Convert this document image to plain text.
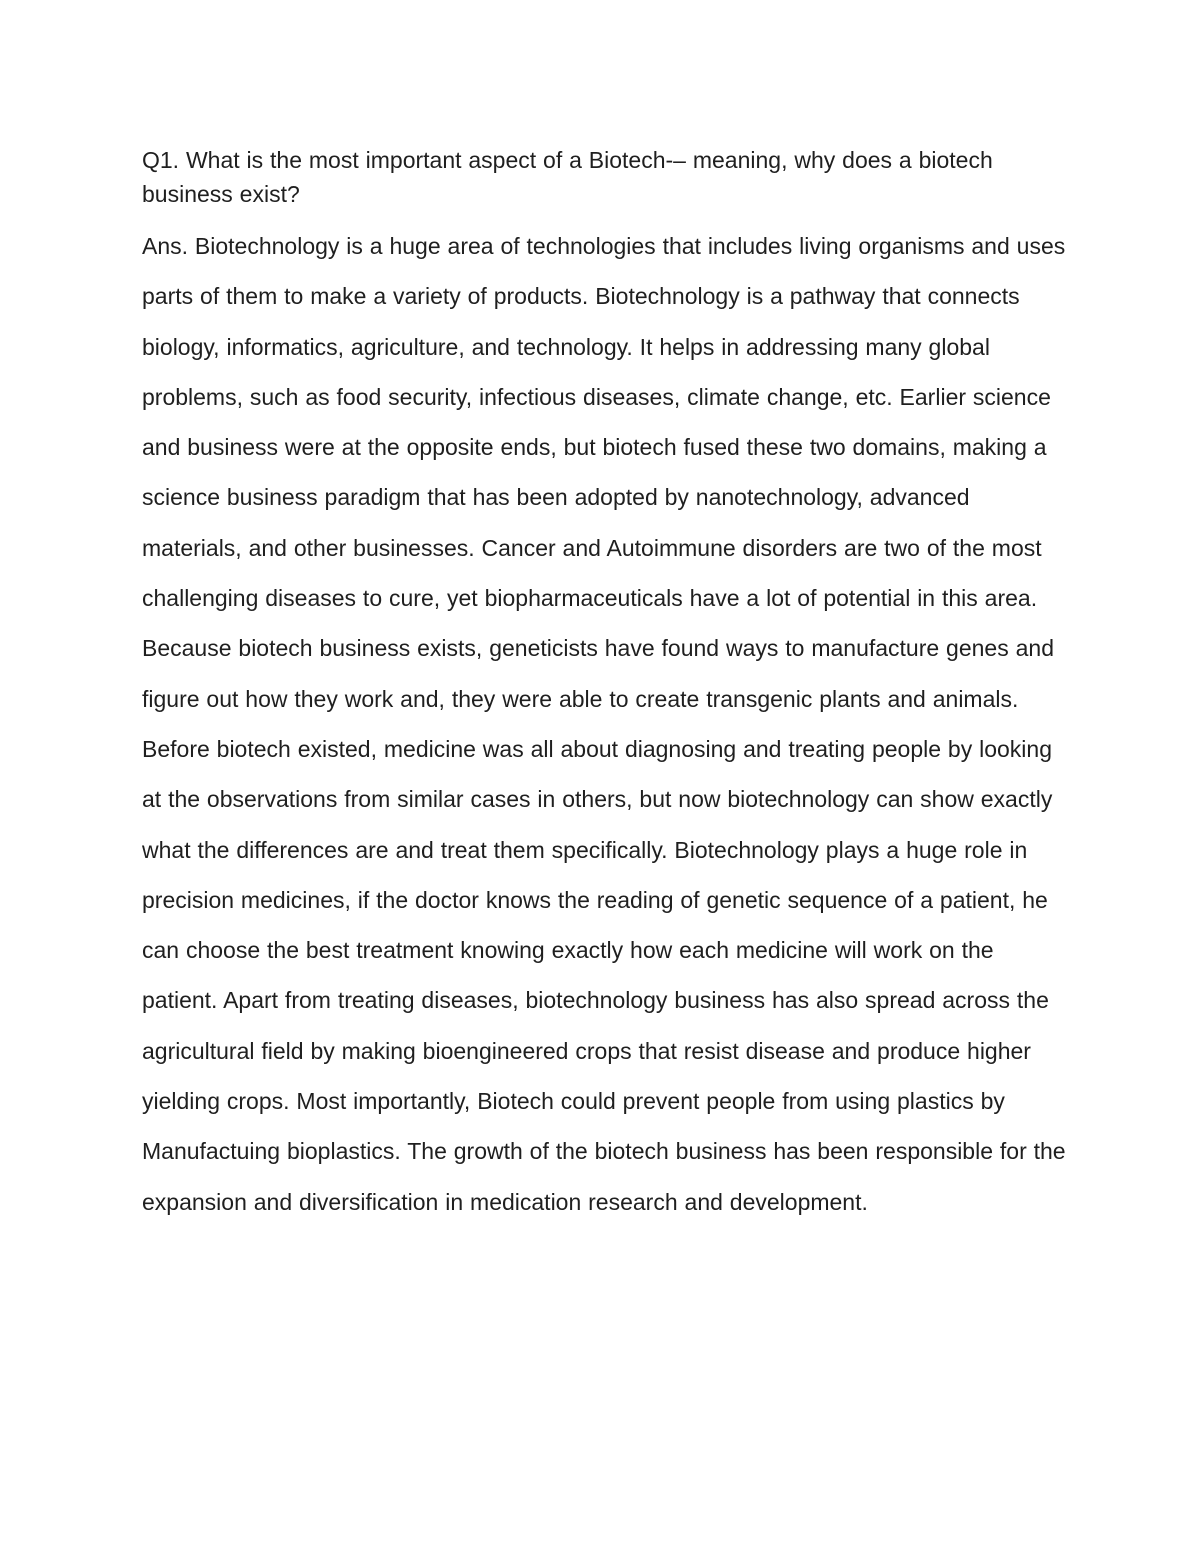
Q1. What is the most important aspect of a Biotech-– meaning, why does a biotech business exist?

Ans. Biotechnology is a huge area of technologies that includes living organisms and uses parts of them to make a variety of products. Biotechnology is a pathway that connects biology, informatics, agriculture, and technology. It helps in addressing many global problems, such as food security, infectious diseases, climate change, etc. Earlier science and business were at the opposite ends, but biotech fused these two domains, making a science business paradigm that has been adopted by nanotechnology, advanced materials, and other businesses. Cancer and Autoimmune disorders are two of the most challenging diseases to cure, yet biopharmaceuticals have a lot of potential in this area. Because biotech business exists, geneticists have found ways to manufacture genes and figure out how they work and, they were able to create transgenic plants and animals. Before biotech existed, medicine was all about diagnosing and treating people by looking at the observations from similar cases in others, but now biotechnology can show exactly what the differences are and treat them specifically. Biotechnology plays a huge role in precision medicines, if the doctor knows the reading of genetic sequence of a patient, he can choose the best treatment knowing exactly how each medicine will work on the patient. Apart from treating diseases, biotechnology business has also spread across the agricultural field by making bioengineered crops that resist disease and produce higher yielding crops. Most importantly, Biotech could prevent people from using plastics by Manufactuing bioplastics. The growth of the biotech business has been responsible for the expansion and diversification in medication research and development.
